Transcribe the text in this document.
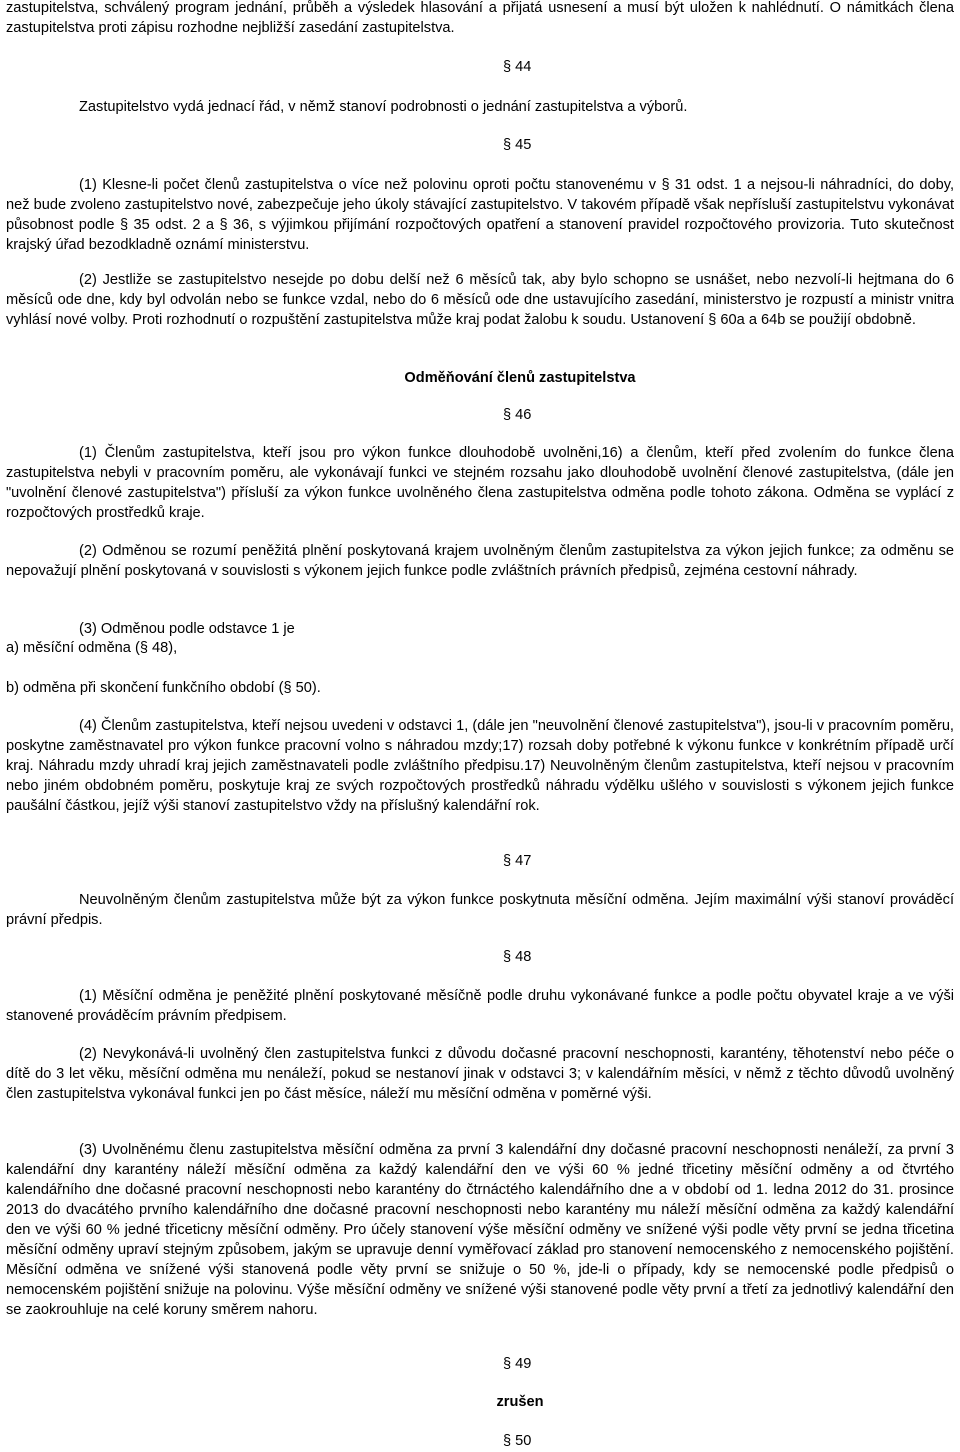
zastupitelstva, schválený program jednání, průběh a výsledek hlasování a přijatá usnesení a musí být uložen k nahlédnutí. O námitkách člena zastupitelstva proti zápisu rozhodne nejbližší zasedání zastupitelstva.

§ 44

Zastupitelstvo vydá jednací řád, v němž stanoví podrobnosti o jednání zastupitelstva a výborů.

§ 45

(1) Klesne-li počet členů zastupitelstva o více než polovinu oproti počtu stanovenému v § 31 odst. 1 a nejsou-li náhradníci, do doby, než bude zvoleno zastupitelstvo nové, zabezpečuje jeho úkoly stávající zastupitelstvo. V takovém případě však nepřísluší zastupitelstvu vykonávat působnost podle § 35 odst. 2 a § 36, s výjimkou přijímání rozpočtových opatření a stanovení pravidel rozpočtového provizoria. Tuto skutečnost krajský úřad bezodkladně oznámí ministerstvu.

(2) Jestliže se zastupitelstvo nesejde po dobu delší než 6 měsíců tak, aby bylo schopno se usnášet, nebo nezvolí-li hejtmana do 6 měsíců ode dne, kdy byl odvolán nebo se funkce vzdal, nebo do 6 měsíců ode dne ustavujícího zasedání, ministerstvo je rozpustí a ministr vnitra vyhlásí nové volby. Proti rozhodnutí o rozpuštění zastupitelstva může kraj podat žalobu k soudu. Ustanovení § 60a a 64b se použijí obdobně.

Odměňování členů zastupitelstva

§ 46

(1) Členům zastupitelstva, kteří jsou pro výkon funkce dlouhodobě uvolněni,16) a členům, kteří před zvolením do funkce člena zastupitelstva nebyli v pracovním poměru, ale vykonávají funkci ve stejném rozsahu jako dlouhodobě uvolnění členové zastupitelstva, (dále jen "uvolnění členové zastupitelstva") přísluší za výkon funkce uvolněného člena zastupitelstva odměna podle tohoto zákona. Odměna se vyplácí z rozpočtových prostředků kraje.

(2) Odměnou se rozumí peněžitá plnění poskytovaná krajem uvolněným členům zastupitelstva za výkon jejich funkce; za odměnu se nepovažují plnění poskytovaná v souvislosti s výkonem jejich funkce podle zvláštních právních předpisů, zejména cestovní náhrady.

(3) Odměnou podle odstavce 1 je

a) měsíční odměna (§ 48),

b) odměna při skončení funkčního období (§ 50).

(4) Členům zastupitelstva, kteří nejsou uvedeni v odstavci 1, (dále jen "neuvolnění členové zastupitelstva"), jsou-li v pracovním poměru, poskytne zaměstnavatel pro výkon funkce pracovní volno s náhradou mzdy;17) rozsah doby potřebné k výkonu funkce v konkrétním případě určí kraj. Náhradu mzdy uhradí kraj jejich zaměstnavateli podle zvláštního předpisu.17) Neuvolněným členům zastupitelstva, kteří nejsou v pracovním nebo jiném obdobném poměru, poskytuje kraj ze svých rozpočtových prostředků náhradu výdělku ušlého v souvislosti s výkonem jejich funkce paušální částkou, jejíž výši stanoví zastupitelstvo vždy na příslušný kalendářní rok.

§ 47

Neuvolněným členům zastupitelstva může být za výkon funkce poskytnuta měsíční odměna. Jejím maximální výši stanoví prováděcí právní předpis.

§ 48

(1) Měsíční odměna je peněžité plnění poskytované měsíčně podle druhu vykonávané funkce a podle počtu obyvatel kraje a ve výši stanovené prováděcím právním předpisem.

(2) Nevykonává-li uvolněný člen zastupitelstva funkci z důvodu dočasné pracovní neschopnosti, karantény, těhotenství nebo péče o dítě do 3 let věku, měsíční odměna mu nenáleží, pokud se nestanoví jinak v odstavci 3; v kalendářním měsíci, v němž z těchto důvodů uvolněný člen zastupitelstva vykonával funkci jen po část měsíce, náleží mu měsíční odměna v poměrné výši.

(3) Uvolněnému členu zastupitelstva měsíční odměna za první 3 kalendářní dny dočasné pracovní neschopnosti nenáleží, za první 3 kalendářní dny karantény náleží měsíční odměna za každý kalendářní den ve výši 60 % jedné třicetiny měsíční odměny a od čtvrtého kalendářního dne dočasné pracovní neschopnosti nebo karantény do čtrnáctého kalendářního dne a v období od 1. ledna 2012 do 31. prosince 2013 do dvacátého prvního kalendářního dne dočasné pracovní neschopnosti nebo karantény mu náleží měsíční odměna za každý kalendářní den ve výši 60 % jedné třiceticny měsíční odměny. Pro účely stanovení výše měsíční odměny ve snížené výši podle věty první se jedna třicetina měsíční odměny upraví stejným způsobem, jakým se upravuje denní vyměřovací základ pro stanovení nemocenského z nemocenského pojištění. Měsíční odměna ve snížené výši stanovená podle věty první se snižuje o 50 %, jde-li o případy, kdy se nemocenské podle předpisů o nemocenském pojištění snižuje na polovinu. Výše měsíční odměny ve snížené výši stanovené podle věty první a třetí za jednotlivý kalendářní den se zaokrouhluje na celé koruny směrem nahoru.

§ 49

zrušen

§ 50
